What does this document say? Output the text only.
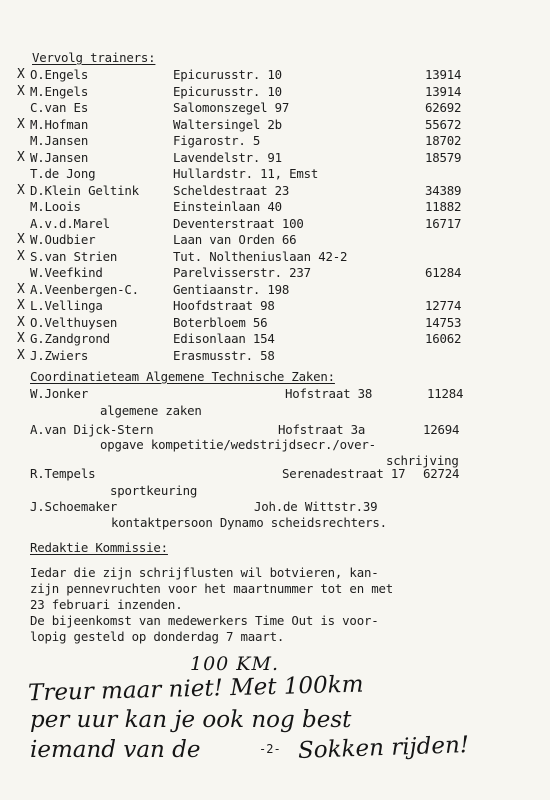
Vervolg trainers:
X O.Engels	Epicurusstr. 10	13914
X M.Engels	Epicurusstr. 10	13914
C.van Es	Salomonszegel 97	62692
X M.Hofman	Waltersingel 2b	55672
M.Jansen	Figarostr. 5	18702
X W.Jansen	Lavendelstr. 91	18579
T.de Jong	Hullardstr. 11, Emst
X D.Klein Geltink	Scheldestraat 23	34389
M.Loois	Einsteinlaan 40	11882
A.v.d.Marel	Deventerstraat 100	16717
X W.Oudbier	Laan van Orden 66
X S.van Strien	Tut. Noltheniuslaan 42-2
W.Veefkind	Parelvisserstr. 237	61284
X A.Veenbergen-C.	Gentiaanstr. 198
X L.Vellinga	Hoofdstraat 98	12774
X O.Velthuysen	Boterbloem 56	14753
X G.Zandgrond	Edisonlaan 154	16062
X J.Zwiers	Erasmusstr. 58
Coordinatieteam Algemene Technische Zaken:
W.Jonker	Hofstraat 38	11284
algemene zaken
A.van Dijck-Stern	Hofstraat 3a	12694
opgave kompetitie/wedstrijdsecr./over-
schrijving
R.Tempels	Serenadestraat 17 62724
sportkeuring
J.Schoemaker	Joh.de Wittstr.39
kontaktpersoon Dynamo scheidsrechters.
Redaktie Kommissie:
Iedar die zijn schrijflusten wil botvieren, kan-
zijn pennevruchten voor het maartnummer tot en met
23 februari inzenden.
De bijeenkomst van medewerkers Time Out is voor-
lopig gesteld op donderdag 7 maart.
100 KM.
Treur maar niet! Met 100km
per uur kan je ook nog best
iemand van de	-2- Sokken rijden!
